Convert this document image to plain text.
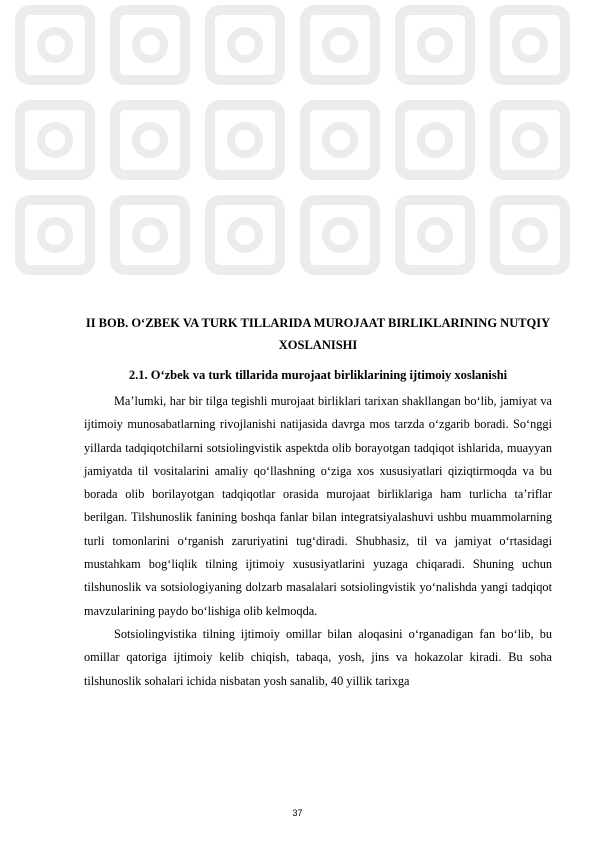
II BOB. O‘ZBEK VA TURK TILLARIDA MUROJAAT BIRLIKLARINING NUTQIY XOSLANISHI

2.1. O‘zbek va turk tillarida murojaat birliklarining ijtimoiy xoslanishi

Ma’lumki, har bir tilga tegishli murojaat birliklari tarixan shakllangan bo‘lib, jamiyat va ijtimoiy munosabatlarning rivojlanishi natijasida davrga mos tarzda o‘zgarib boradi. So‘nggi yillarda tadqiqotchilarni sotsiolingvistik aspektda olib borayotgan tadqiqot ishlarida, muayyan jamiyatda til vositalarini amaliy qo‘llashning o‘ziga xos xususiyatlari qiziqtirmoqda va bu borada olib borilayotgan tadqiqotlar orasida murojaat birliklariga ham turlicha ta’riflar berilgan. Tilshunoslik fanining boshqa fanlar bilan integratsiyalashuvi ushbu muammolarning turli tomonlarini o‘rganish zaruriyatini tug‘diradi. Shubhasiz, til va jamiyat o‘rtasidagi mustahkam bog‘liqlik tilning ijtimoiy xususiyatlarini yuzaga chiqaradi. Shuning uchun tilshunoslik va sotsiologiyaning dolzarb masalalari sotsiolingvistik yo‘nalishda yangi tadqiqot mavzularining paydo bo‘lishiga olib kelmoqda.

Sotsiolingvistika tilning ijtimoiy omillar bilan aloqasini o‘rganadigan fan bo‘lib, bu omillar qatoriga ijtimoiy kelib chiqish, tabaqa, yosh, jins va hokazolar kiradi. Bu soha tilshunoslik sohalari ichida nisbatan yosh sanalib, 40 yillik tarixga

37
